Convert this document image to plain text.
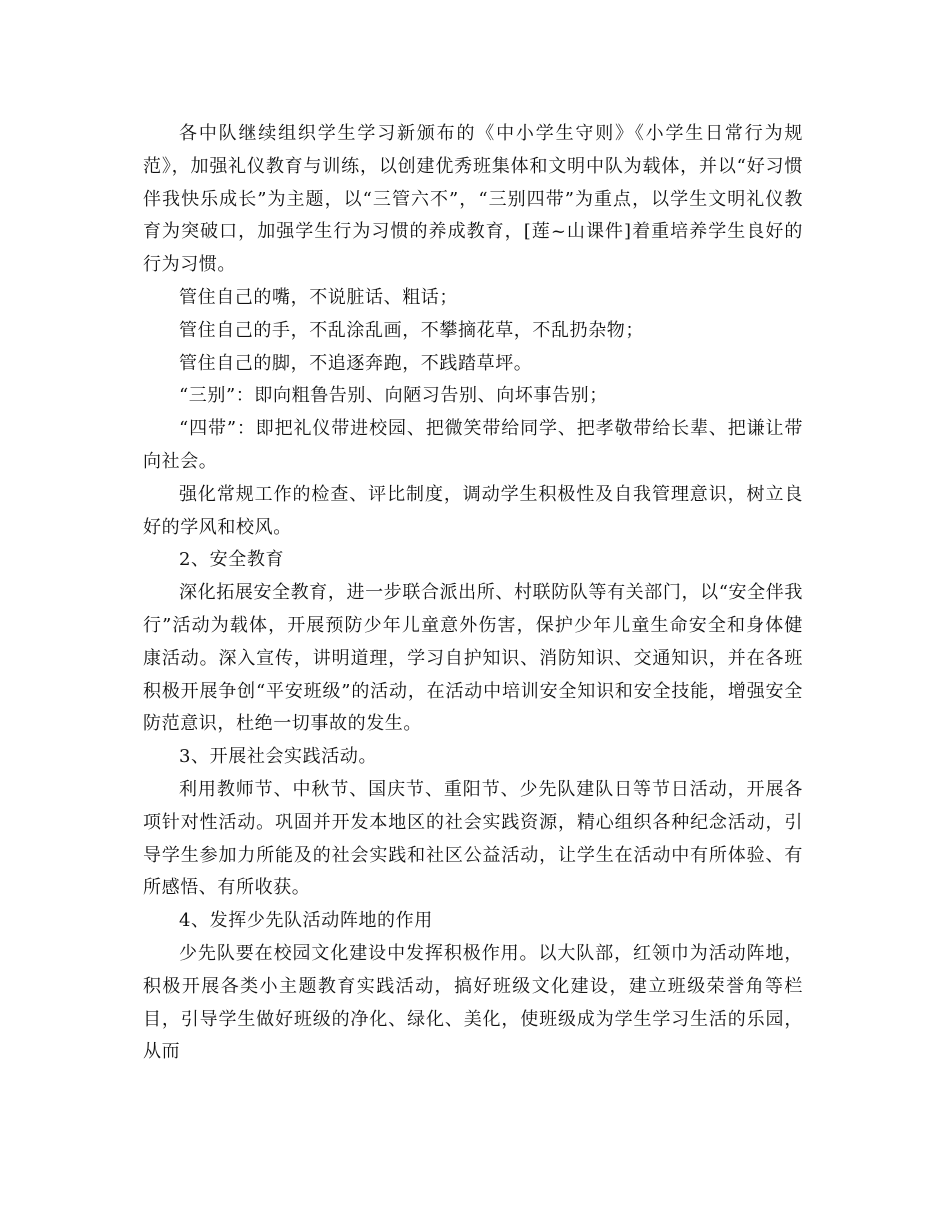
各中队继续组织学生学习新颁布的《中小学生守则》《小学生日常行为规范》，加强礼仪教育与训练，以创建优秀班集体和文明中队为载体，并以“好习惯伴我快乐成长”为主题，以“三管六不”，“三别四带”为重点，以学生文明礼仪教育为突破口，加强学生行为习惯的养成教育，[莲~山课件]着重培养学生良好的行为习惯。

管住自己的嘴，不说脏话、粗话；

管住自己的手，不乱涂乱画，不攀摘花草，不乱扔杂物；

管住自己的脚，不追逐奔跑，不践踏草坪。

“三别”：即向粗鲁告别、向陋习告别、向坏事告别；

“四带”：即把礼仪带进校园、把微笑带给同学、把孝敬带给长辈、把谦让带向社会。

强化常规工作的检查、评比制度，调动学生积极性及自我管理意识，树立良好的学风和校风。

2、安全教育

深化拓展安全教育，进一步联合派出所、村联防队等有关部门，以“安全伴我行”活动为载体，开展预防少年儿童意外伤害，保护少年儿童生命安全和身体健康活动。深入宣传，讲明道理，学习自护知识、消防知识、交通知识，并在各班积极开展争创“平安班级”的活动，在活动中培训安全知识和安全技能，增强安全防范意识，杜绝一切事故的发生。

3、开展社会实践活动。

利用教师节、中秋节、国庆节、重阳节、少先队建队日等节日活动，开展各项针对性活动。巩固并开发本地区的社会实践资源，精心组织各种纪念活动，引导学生参加力所能及的社会实践和社区公益活动，让学生在活动中有所体验、有所感悟、有所收获。

4、发挥少先队活动阵地的作用

少先队要在校园文化建设中发挥积极作用。以大队部，红领巾为活动阵地，积极开展各类小主题教育实践活动，搞好班级文化建设，建立班级荣誉角等栏目，引导学生做好班级的净化、绿化、美化，使班级成为学生学习生活的乐园，从而
